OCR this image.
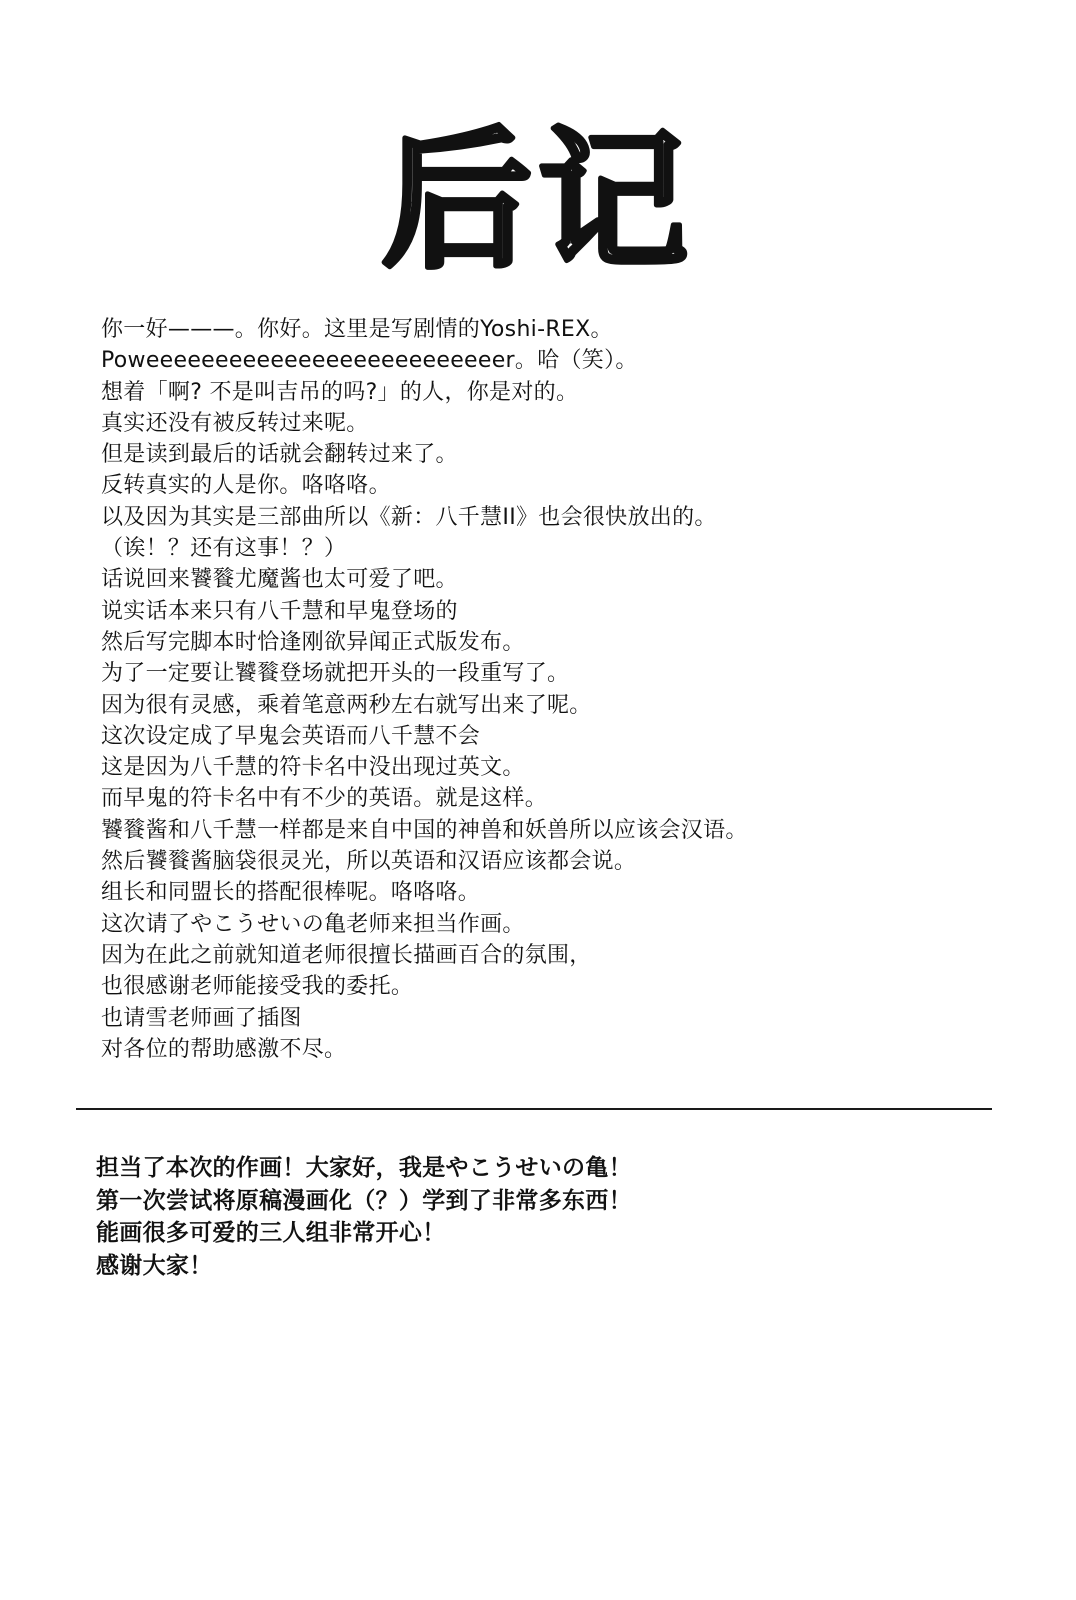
后记
你一好———。你好。这里是写剧情的Yoshi-REX。
Poweeeeeeeeeeeeeeeeeeeeeeeeeer。哈（笑）。
想着「啊? 不是叫吉吊的吗?」的人，你是对的。
真实还没有被反转过来呢。
但是读到最后的话就会翻转过来了。
反转真实的人是你。咯咯咯。
以及因为其实是三部曲所以《新：八千慧II》也会很快放出的。
（诶！？还有这事！？）
话说回来饕餮尤魔酱也太可爱了吧。
说实话本来只有八千慧和早鬼登场的
然后写完脚本时恰逢刚欲异闻正式版发布。
为了一定要让饕餮登场就把开头的一段重写了。
因为很有灵感，乘着笔意两秒左右就写出来了呢。
这次设定成了早鬼会英语而八千慧不会
这是因为八千慧的符卡名中没出现过英文。
而早鬼的符卡名中有不少的英语。就是这样。
饕餮酱和八千慧一样都是来自中国的神兽和妖兽所以应该会汉语。
然后饕餮酱脑袋很灵光，所以英语和汉语应该都会说。
组长和同盟长的搭配很棒呢。咯咯咯。
这次请了やこうせいの亀老师来担当作画。
因为在此之前就知道老师很擅长描画百合的氛围，
也很感谢老师能接受我的委托。
也请雪老师画了插图
对各位的帮助感激不尽。
担当了本次的作画！大家好，我是やこうせいの亀！
第一次尝试将原稿漫画化（？）学到了非常多东西！
能画很多可爱的三人组非常开心！
感谢大家！
